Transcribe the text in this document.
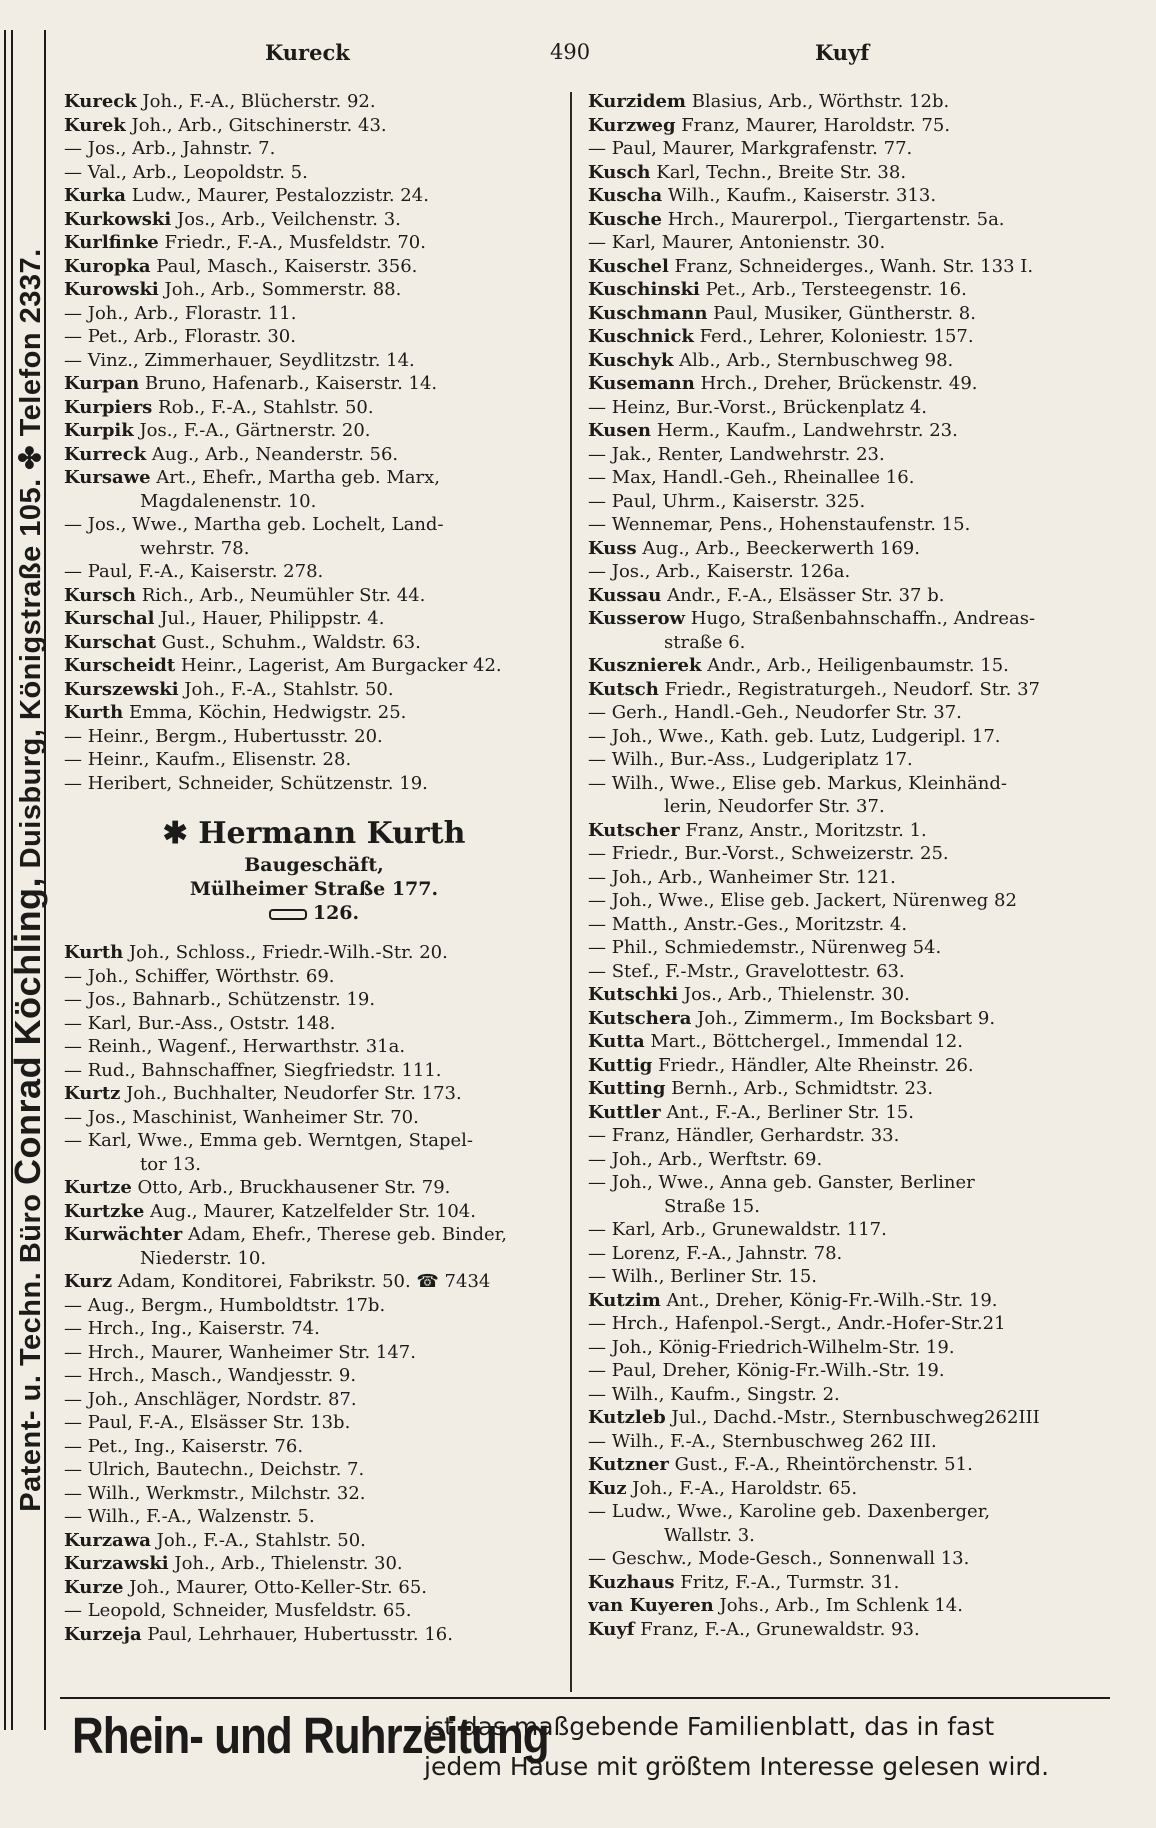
Patent- u. Techn. Büro Conrad Köchling, Duisburg, Königstraße 105. ✤ Telefon 2337.
Kureck	490	Kuyf
Kureck Joh., F.-A., Blücherstr. 92.
Kurek Joh., Arb., Gitschinerstr. 43.
— Jos., Arb., Jahnstr. 7.
— Val., Arb., Leopoldstr. 5.
Kurka Ludw., Maurer, Pestalozzistr. 24.
Kurkowski Jos., Arb., Veilchenstr. 3.
Kurlfinke Friedr., F.-A., Musfeldstr. 70.
Kuropka Paul, Masch., Kaiserstr. 356.
Kurowski Joh., Arb., Sommerstr. 88.
— Joh., Arb., Florastr. 11.
— Pet., Arb., Florastr. 30.
— Vinz., Zimmerhauer, Seydlitzstr. 14.
Kurpan Bruno, Hafenarb., Kaiserstr. 14.
Kurpiers Rob., F.-A., Stahlstr. 50.
Kurpik Jos., F.-A., Gärtnerstr. 20.
Kurreck Aug., Arb., Neanderstr. 56.
Kursawe Art., Ehefr., Martha geb. Marx,
Magdalenenstr. 10.
— Jos., Wwe., Martha geb. Lochelt, Land-
wehrstr. 78.
— Paul, F.-A., Kaiserstr. 278.
Kursch Rich., Arb., Neumühler Str. 44.
Kurschal Jul., Hauer, Philippstr. 4.
Kurschat Gust., Schuhm., Waldstr. 63.
Kurscheidt Heinr., Lagerist, Am Burgacker 42.
Kurszewski Joh., F.-A., Stahlstr. 50.
Kurth Emma, Köchin, Hedwigstr. 25.
— Heinr., Bergm., Hubertusstr. 20.
— Heinr., Kaufm., Elisenstr. 28.
— Heribert, Schneider, Schützenstr. 19.
✱ Hermann Kurth
Baugeschäft,
Mülheimer Straße 177.
126.
Kurth Joh., Schloss., Friedr.-Wilh.-Str. 20.
— Joh., Schiffer, Wörthstr. 69.
— Jos., Bahnarb., Schützenstr. 19.
— Karl, Bur.-Ass., Oststr. 148.
— Reinh., Wagenf., Herwarthstr. 31a.
— Rud., Bahnschaffner, Siegfriedstr. 111.
Kurtz Joh., Buchhalter, Neudorfer Str. 173.
— Jos., Maschinist, Wanheimer Str. 70.
— Karl, Wwe., Emma geb. Werntgen, Stapel-
tor 13.
Kurtze Otto, Arb., Bruckhausener Str. 79.
Kurtzke Aug., Maurer, Katzelfelder Str. 104.
Kurwächter Adam, Ehefr., Therese geb. Binder,
Niederstr. 10.
Kurz Adam, Konditorei, Fabrikstr. 50. ☎ 7434
— Aug., Bergm., Humboldtstr. 17b.
— Hrch., Ing., Kaiserstr. 74.
— Hrch., Maurer, Wanheimer Str. 147.
— Hrch., Masch., Wandjesstr. 9.
— Joh., Anschläger, Nordstr. 87.
— Paul, F.-A., Elsässer Str. 13b.
— Pet., Ing., Kaiserstr. 76.
— Ulrich, Bautechn., Deichstr. 7.
— Wilh., Werkmstr., Milchstr. 32.
— Wilh., F.-A., Walzenstr. 5.
Kurzawa Joh., F.-A., Stahlstr. 50.
Kurzawski Joh., Arb., Thielenstr. 30.
Kurze Joh., Maurer, Otto-Keller-Str. 65.
— Leopold, Schneider, Musfeldstr. 65.
Kurzeja Paul, Lehrhauer, Hubertusstr. 16.
Kurzidem Blasius, Arb., Wörthstr. 12b.
Kurzweg Franz, Maurer, Haroldstr. 75.
— Paul, Maurer, Markgrafenstr. 77.
Kusch Karl, Techn., Breite Str. 38.
Kuscha Wilh., Kaufm., Kaiserstr. 313.
Kusche Hrch., Maurerpol., Tiergartenstr. 5a.
— Karl, Maurer, Antonienstr. 30.
Kuschel Franz, Schneiderges., Wanh. Str. 133 I.
Kuschinski Pet., Arb., Tersteegenstr. 16.
Kuschmann Paul, Musiker, Güntherstr. 8.
Kuschnick Ferd., Lehrer, Koloniestr. 157.
Kuschyk Alb., Arb., Sternbuschweg 98.
Kusemann Hrch., Dreher, Brückenstr. 49.
— Heinz, Bur.-Vorst., Brückenplatz 4.
Kusen Herm., Kaufm., Landwehrstr. 23.
— Jak., Renter, Landwehrstr. 23.
— Max, Handl.-Geh., Rheinallee 16.
— Paul, Uhrm., Kaiserstr. 325.
— Wennemar, Pens., Hohenstaufenstr. 15.
Kuss Aug., Arb., Beeckerwerth 169.
— Jos., Arb., Kaiserstr. 126a.
Kussau Andr., F.-A., Elsässer Str. 37 b.
Kusserow Hugo, Straßenbahnschaffn., Andreas-
straße 6.
Kusznierek Andr., Arb., Heiligenbaumstr. 15.
Kutsch Friedr., Registraturgeh., Neudorf. Str. 37
— Gerh., Handl.-Geh., Neudorfer Str. 37.
— Joh., Wwe., Kath. geb. Lutz, Ludgeripl. 17.
— Wilh., Bur.-Ass., Ludgeriplatz 17.
— Wilh., Wwe., Elise geb. Markus, Kleinhänd-
lerin, Neudorfer Str. 37.
Kutscher Franz, Anstr., Moritzstr. 1.
— Friedr., Bur.-Vorst., Schweizerstr. 25.
— Joh., Arb., Wanheimer Str. 121.
— Joh., Wwe., Elise geb. Jackert, Nürenweg 82
— Matth., Anstr.-Ges., Moritzstr. 4.
— Phil., Schmiedemstr., Nürenweg 54.
— Stef., F.-Mstr., Gravelottestr. 63.
Kutschki Jos., Arb., Thielenstr. 30.
Kutschera Joh., Zimmerm., Im Bocksbart 9.
Kutta Mart., Böttchergel., Immendal 12.
Kuttig Friedr., Händler, Alte Rheinstr. 26.
Kutting Bernh., Arb., Schmidtstr. 23.
Kuttler Ant., F.-A., Berliner Str. 15.
— Franz, Händler, Gerhardstr. 33.
— Joh., Arb., Werftstr. 69.
— Joh., Wwe., Anna geb. Ganster, Berliner
Straße 15.
— Karl, Arb., Grunewaldstr. 117.
— Lorenz, F.-A., Jahnstr. 78.
— Wilh., Berliner Str. 15.
Kutzim Ant., Dreher, König-Fr.-Wilh.-Str. 19.
— Hrch., Hafenpol.-Sergt., Andr.-Hofer-Str.21
— Joh., König-Friedrich-Wilhelm-Str. 19.
— Paul, Dreher, König-Fr.-Wilh.-Str. 19.
— Wilh., Kaufm., Singstr. 2.
Kutzleb Jul., Dachd.-Mstr., Sternbuschweg262III
— Wilh., F.-A., Sternbuschweg 262 III.
Kutzner Gust., F.-A., Rheintörchenstr. 51.
Kuz Joh., F.-A., Haroldstr. 65.
— Ludw., Wwe., Karoline geb. Daxenberger,
Wallstr. 3.
— Geschw., Mode-Gesch., Sonnenwall 13.
Kuzhaus Fritz, F.-A., Turmstr. 31.
van Kuyeren Johs., Arb., Im Schlenk 14.
Kuyf Franz, F.-A., Grunewaldstr. 93.
Rhein- und Ruhrzeitung
ist das maßgebende Familienblatt, das in fast
jedem Hause mit größtem Interesse gelesen wird.
